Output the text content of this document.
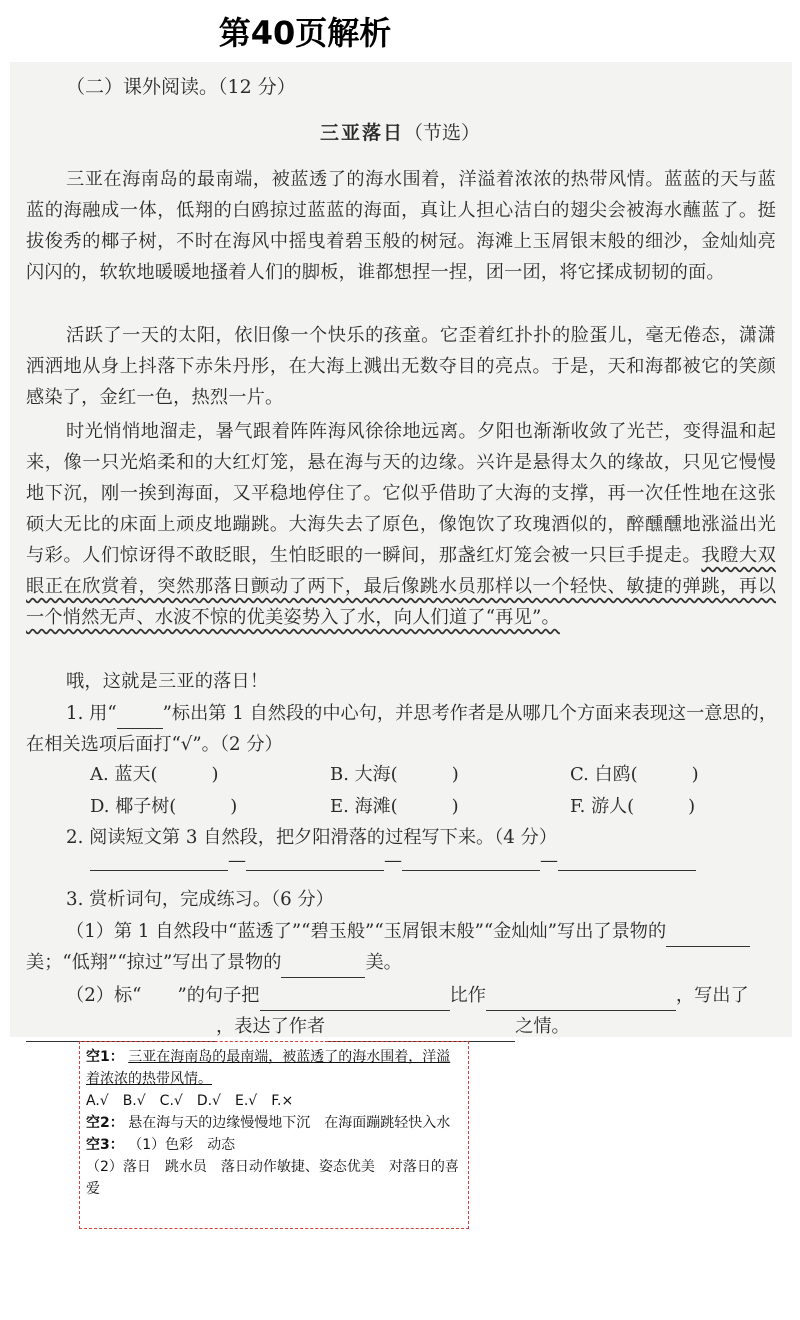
第40页解析
（二）课外阅读。（12 分）
三亚落日（节选）

三亚在海南岛的最南端，被蓝透了的海水围着，洋溢着浓浓的热带风情。蓝蓝的天与蓝蓝的海融成一体，低翔的白鸥掠过蓝蓝的海面，真让人担心洁白的翅尖会被海水蘸蓝了。挺拔俊秀的椰子树，不时在海风中摇曳着碧玉般的树冠。海滩上玉屑银末般的细沙，金灿灿亮闪闪的，软软地暖暖地搔着人们的脚板，谁都想捏一捏，团一团，将它揉成韧韧的面。

活跃了一天的太阳，依旧像一个快乐的孩童。它歪着红扑扑的脸蛋儿，毫无倦态，潇潇洒洒地从身上抖落下赤朱丹彤，在大海上溅出无数夺目的亮点。于是，天和海都被它的笑颜感染了，金红一色，热烈一片。

时光悄悄地溜走，暑气跟着阵阵海风徐徐地远离。夕阳也渐渐收敛了光芒，变得温和起来，像一只光焰柔和的大红灯笼，悬在海与天的边缘。兴许是悬得太久的缘故，只见它慢慢地下沉，刚一挨到海面，又平稳地停住了。它似乎借助了大海的支撑，再一次任性地在这张硕大无比的床面上顽皮地蹦跳。大海失去了原色，像饱饮了玫瑰酒似的，醉醺醺地涨溢出光与彩。人们惊讶得不敢眨眼，生怕眨眼的一瞬间，那盏红灯笼会被一只巨手提走。我瞪大双眼正在欣赏着，突然那落日颤动了两下，最后像跳水员那样以一个轻快、敏捷的弹跳，再以一个悄然无声、水波不惊的优美姿势入了水，向人们道了“再见”。

哦，这就是三亚的落日！

1. 用“	”标出第 1 自然段的中心句，并思考作者是从哪几个方面来表现这一意思的，在相关选项后面打“√”。（2 分）

A. 蓝天(　　　)	B. 大海(　　　)	C. 白鸥(　　　)
D. 椰子树(　　　)	E. 海滩(　　　)	F. 游人(　　　)

2. 阅读短文第 3 自然段，把夕阳滑落的过程写下来。（4 分）

—	—	—

3. 赏析词句，完成练习。（6 分）

（1）第 1 自然段中“蓝透了”“碧玉般”“玉屑银末般”“金灿灿”写出了景物的美；“低翔”“掠过”写出了景物的	美。

（2）标“ ”的句子把	比作	，写出了，表达了作者	之情。

空1： 三亚在海南岛的最南端，被蓝透了的海水围着，洋溢着浓浓的热带风情。

A.√　B.√　C.√　D.√　E.√　F.×

空2： 悬在海与天的边缘慢慢地下沉　在海面蹦跳轻快入水

空3： （1）色彩　动态

（2）落日　跳水员　落日动作敏捷、姿态优美　对落日的喜爱
